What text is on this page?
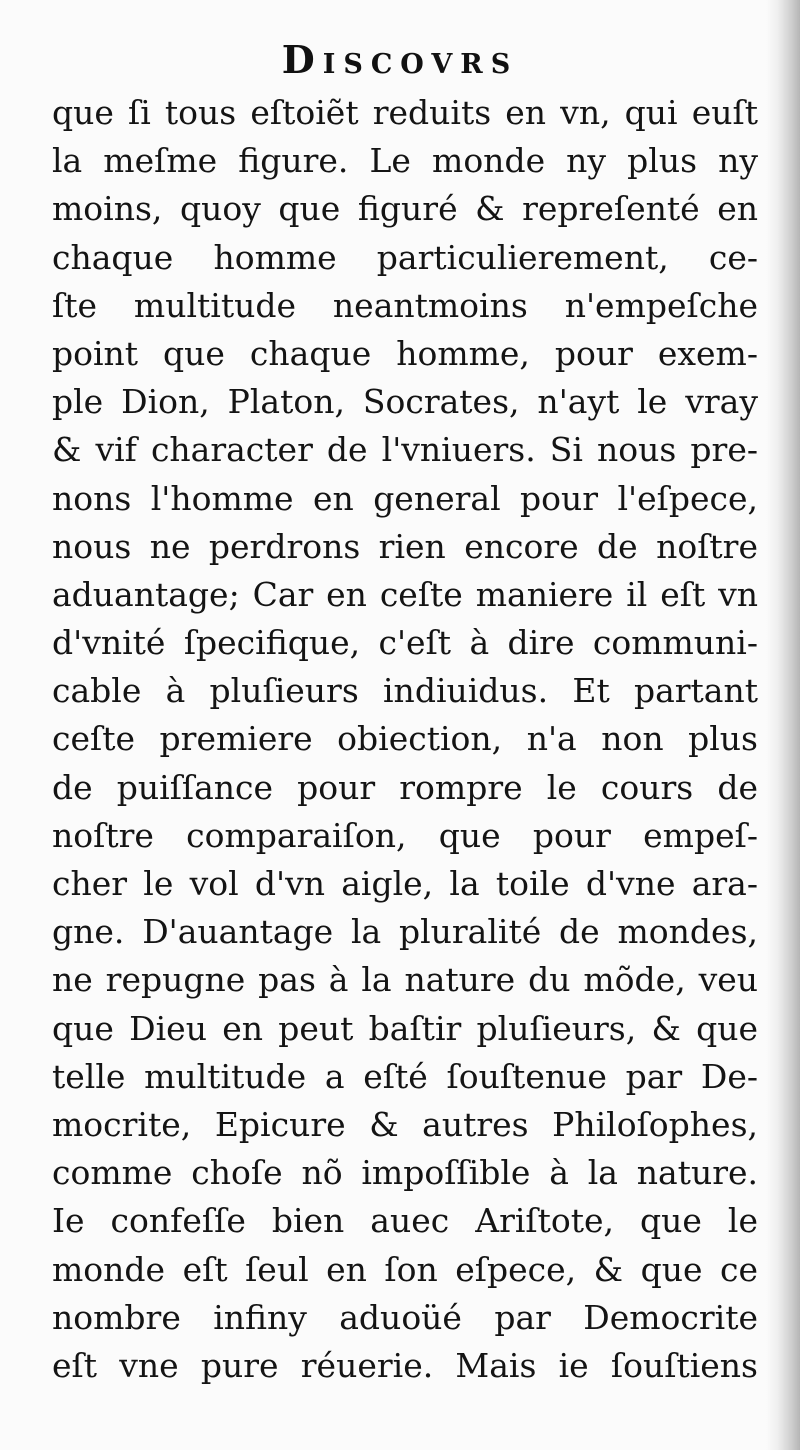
Discovrs
que ſi tous eſtoiẽt reduits en vn, qui euſt
la meſme figure. Le monde ny plus ny
moins, quoy que figuré & repreſenté en
chaque homme particulierement, ce-
ſte multitude neantmoins n'empeſche
point que chaque homme, pour exem-
ple Dion, Platon, Socrates, n'ayt le vray
& vif character de l'vniuers. Si nous pre-
nons l'homme en general pour l'eſpece,
nous ne perdrons rien encore de noſtre
aduantage; Car en ceſte maniere il eſt vn
d'vnité ſpecifique, c'eſt à dire communi-
cable à pluſieurs indiuidus. Et partant
ceſte premiere obiection, n'a non plus
de puiſſance pour rompre le cours de
noſtre comparaiſon, que pour empeſ-
cher le vol d'vn aigle, la toile d'vne ara-
gne. D'auantage la pluralité de mondes,
ne repugne pas à la nature du mõde, veu
que Dieu en peut baſtir pluſieurs, & que
telle multitude a eſté ſouſtenue par De-
mocrite, Epicure & autres Philoſophes,
comme choſe nõ impoſſible à la nature.
Ie confeſſe bien auec Ariſtote, que le
monde eſt ſeul en ſon eſpece, & que ce
nombre infiny aduoüé par Democrite
eſt vne pure réuerie. Mais ie ſouſtiens
